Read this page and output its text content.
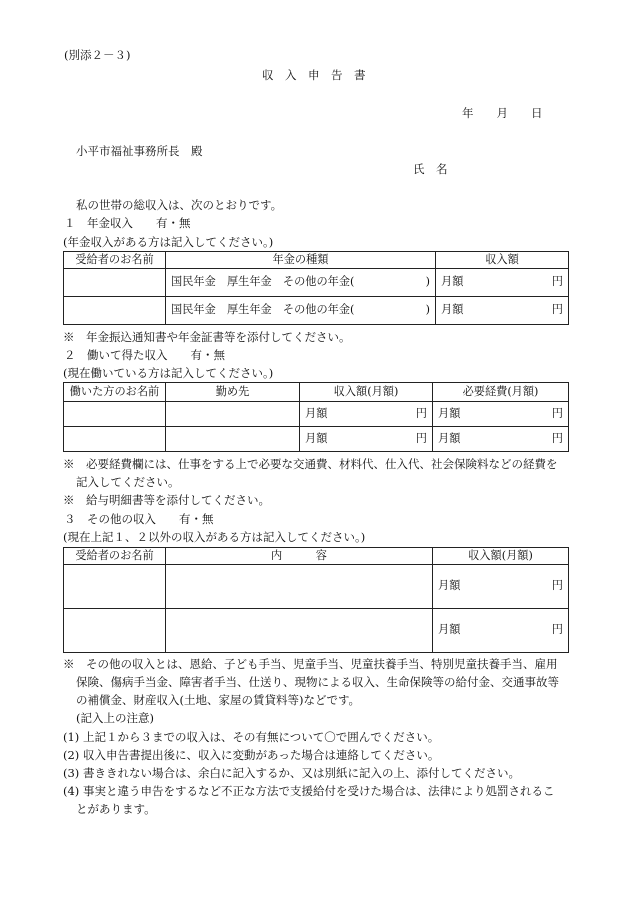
(別添２－３)
収　入　申　告　書
年　　月　　日
小平市福祉事務所長　殿
氏　名
私の世帯の総収入は、次のとおりです。
１　年金収入　　有・無
(年金収入がある方は記入してください。)
受給者のお名前	年金の種類	収入額
	国民年金　厚生年金　その他の年金( )	月額 円

	国民年金　厚生年金　その他の年金( )	月額 円
※　年金振込通知書や年金証書等を添付してください。
２　働いて得た収入　　有・無
(現在働いている方は記入してください。)
働いた方のお名前	勤め先	収入額(月額)	必要経費(月額)
		月額 円	月額 円

		月額 円	月額 円
※　必要経費欄には、仕事をする上で必要な交通費、材料代、仕入代、社会保険料などの経費を
記入してください。
※　給与明細書等を添付してください。
３　その他の収入　　有・無
(現在上記１、２以外の収入がある方は記入してください。)
受給者のお名前	内　　　容	収入額(月額)
		月額 円

		月額 円
※　その他の収入とは、恩給、子ども手当、児童手当、児童扶養手当、特別児童扶養手当、雇用
保険、傷病手当金、障害者手当、仕送り、現物による収入、生命保険等の給付金、交通事故等
の補償金、財産収入(土地、家屋の賃貸料等)などです。
(記入上の注意)
(1) 上記１から３までの収入は、その有無について〇で囲んでください。
(2) 収入申告書提出後に、収入に変動があった場合は連絡してください。
(3) 書ききれない場合は、余白に記入するか、又は別紙に記入の上、添付してください。
(4) 事実と違う申告をするなど不正な方法で支援給付を受けた場合は、法律により処罰されるこ
とがあります。
